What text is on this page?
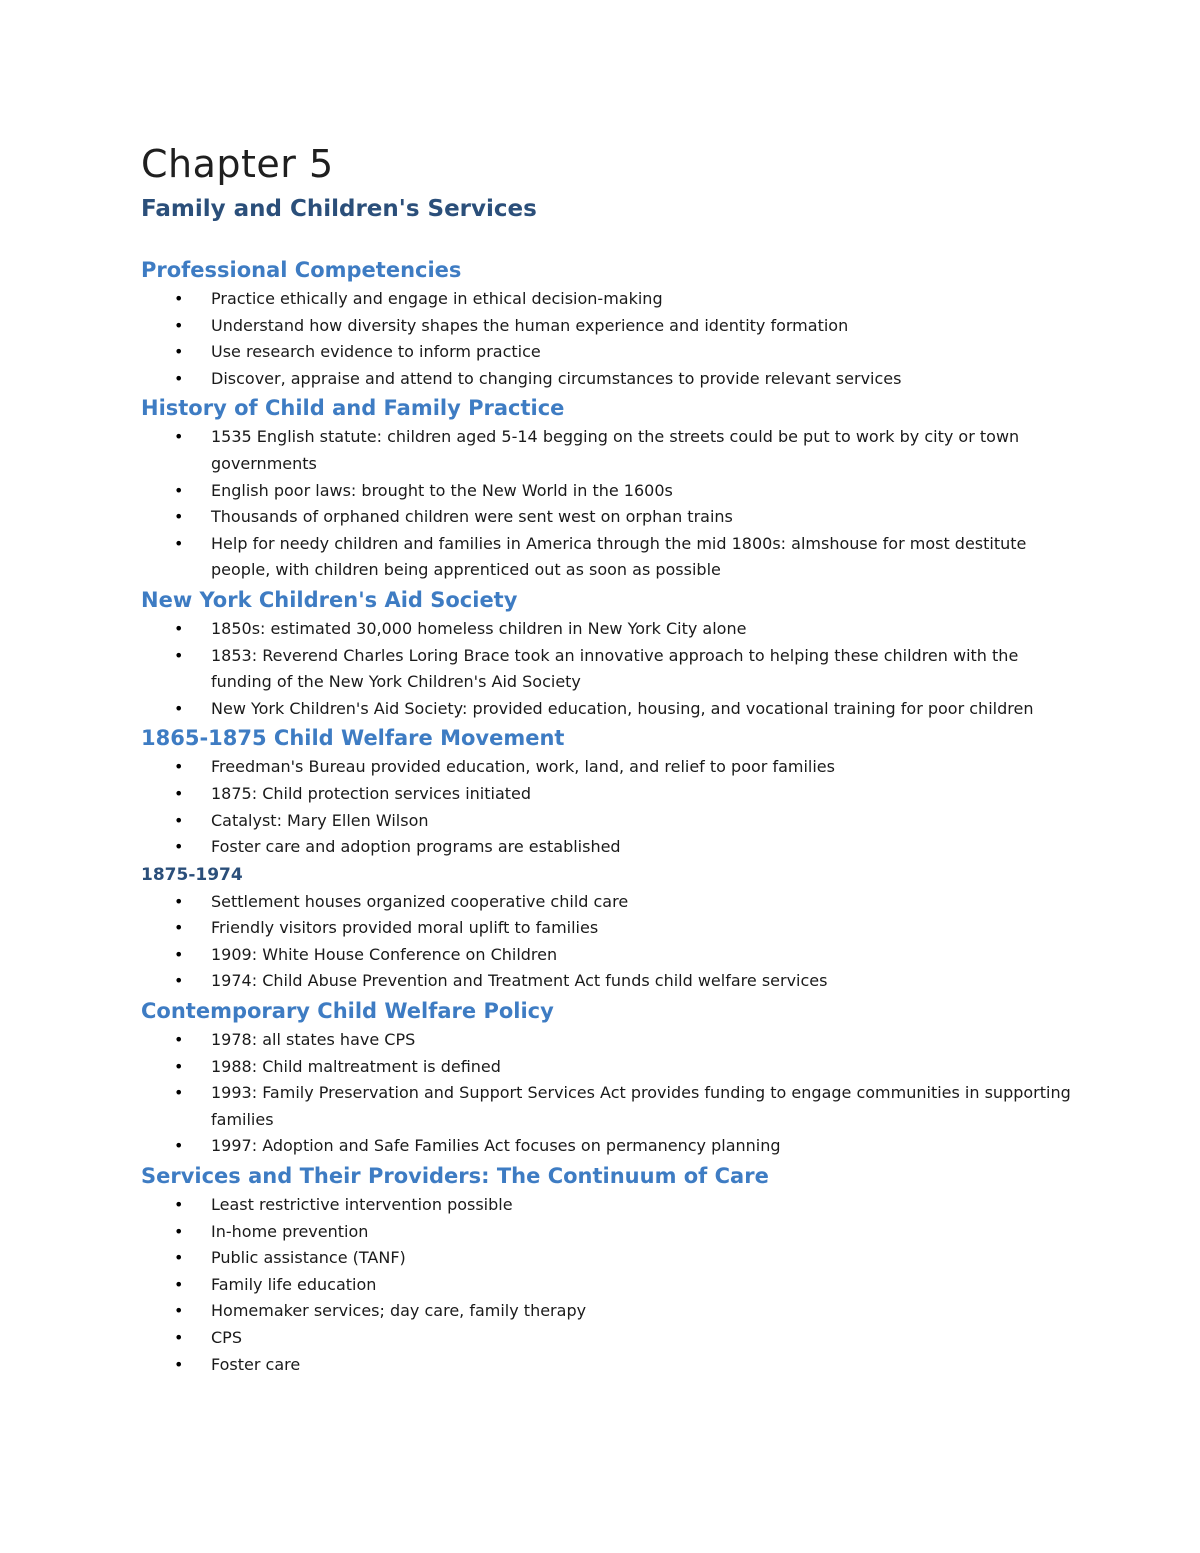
Chapter 5
Family and Children's Services
Professional Competencies
• Practice ethically and engage in ethical decision-making
• Understand how diversity shapes the human experience and identity formation
• Use research evidence to inform practice
• Discover, appraise and attend to changing circumstances to provide relevant services
History of Child and Family Practice
• 1535 English statute: children aged 5-14 begging on the streets could be put to work by city or town governments
• English poor laws: brought to the New World in the 1600s
• Thousands of orphaned children were sent west on orphan trains
• Help for needy children and families in America through the mid 1800s: almshouse for most destitute people, with children being apprenticed out as soon as possible
New York Children's Aid Society
• 1850s: estimated 30,000 homeless children in New York City alone
• 1853: Reverend Charles Loring Brace took an innovative approach to helping these children with the funding of the New York Children's Aid Society
• New York Children's Aid Society: provided education, housing, and vocational training for poor children
1865-1875 Child Welfare Movement
• Freedman's Bureau provided education, work, land, and relief to poor families
• 1875: Child protection services initiated
• Catalyst: Mary Ellen Wilson
• Foster care and adoption programs are established
1875-1974
• Settlement houses organized cooperative child care
• Friendly visitors provided moral uplift to families
• 1909: White House Conference on Children
• 1974: Child Abuse Prevention and Treatment Act funds child welfare services
Contemporary Child Welfare Policy
• 1978: all states have CPS
• 1988: Child maltreatment is defined
• 1993: Family Preservation and Support Services Act provides funding to engage communities in supporting families
• 1997: Adoption and Safe Families Act focuses on permanency planning
Services and Their Providers: The Continuum of Care
• Least restrictive intervention possible
• In-home prevention
• Public assistance (TANF)
• Family life education
• Homemaker services; day care, family therapy
• CPS
• Foster care
